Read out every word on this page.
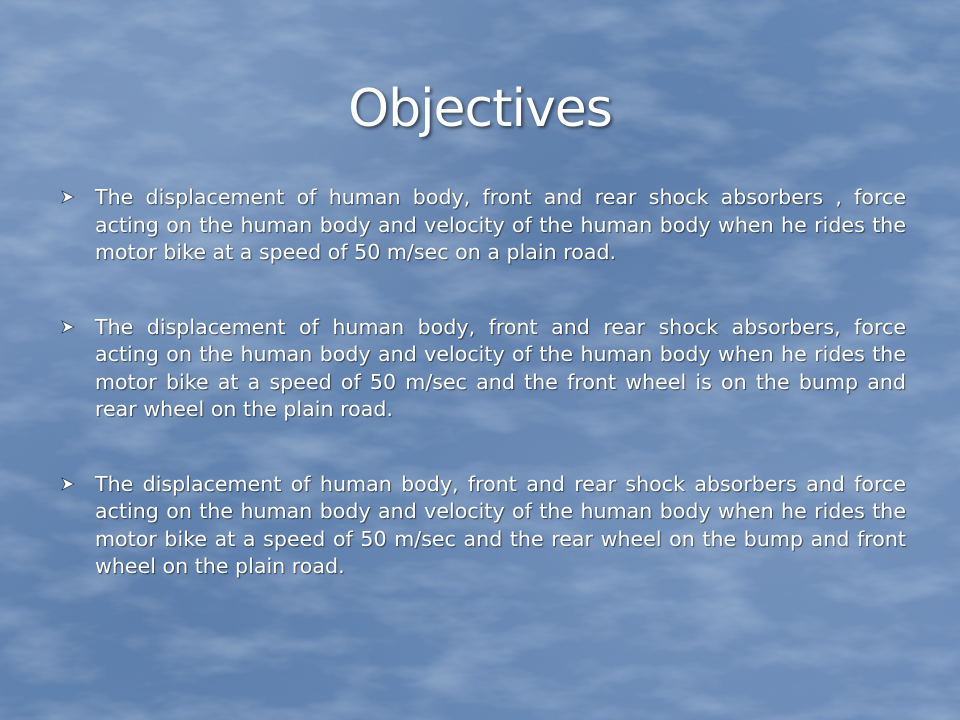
Objectives
The displacement of human body, front and rear shock absorbers , force acting on the human body and velocity of the human body when he rides the motor bike at a speed of 50 m/sec on a plain road.
The displacement of human body, front and rear shock absorbers, force acting on the human body and velocity of the human body when he rides the motor bike at a speed of 50 m/sec and the front wheel is on the bump and rear wheel on the plain road.
The displacement of human body, front and rear shock absorbers and force acting on the human body and velocity of the human body when he rides the motor bike at a speed of 50 m/sec and the rear wheel on the bump and front wheel on the plain road.
